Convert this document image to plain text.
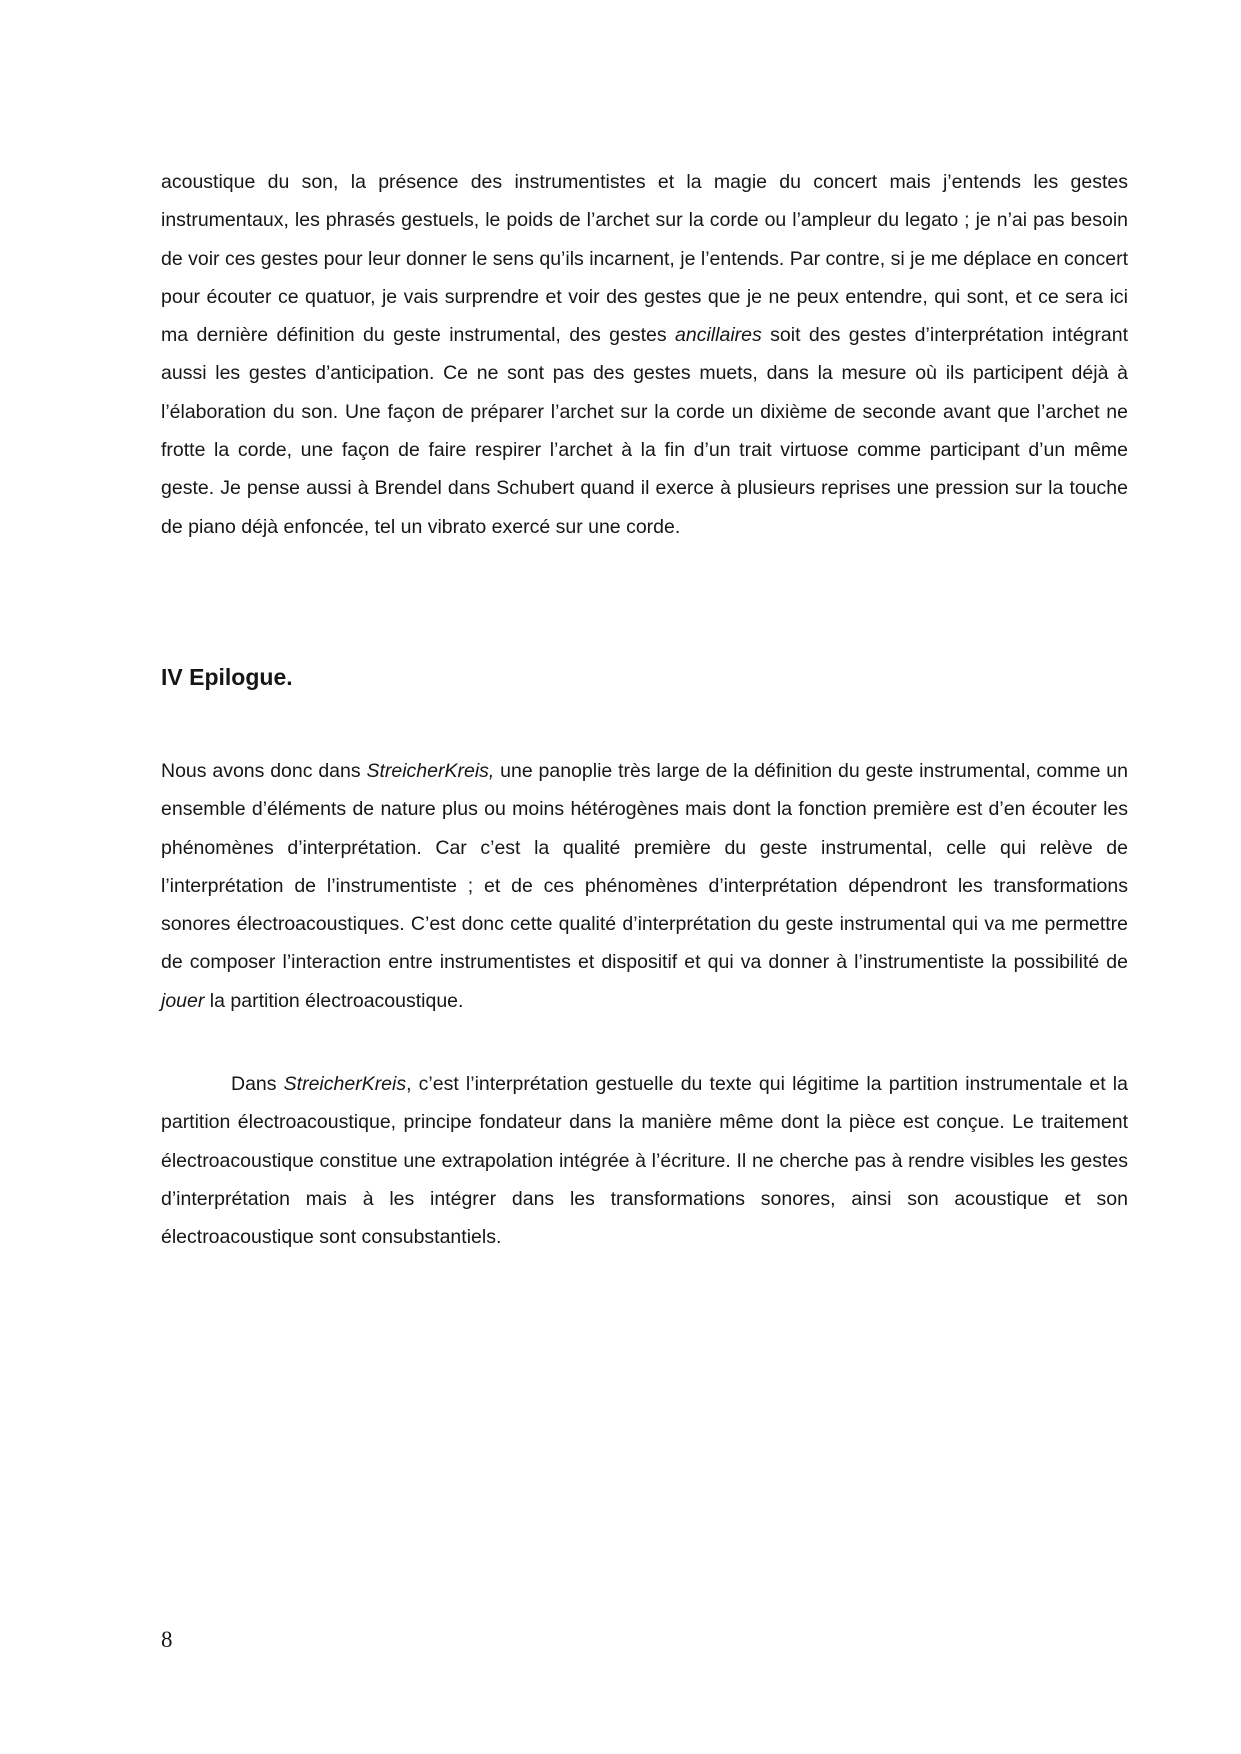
acoustique du son, la présence des instrumentistes et la magie du concert mais j’entends les gestes instrumentaux, les phrasés gestuels, le poids de l’archet sur la corde ou l’ampleur du legato ; je n’ai pas besoin de voir ces gestes pour leur donner le sens qu’ils incarnent, je l’entends. Par contre, si je me déplace en concert pour écouter ce quatuor, je vais surprendre et voir des gestes que je ne peux entendre, qui sont, et ce sera ici ma dernière définition du geste instrumental, des gestes ancillaires soit des gestes d’interprétation intégrant aussi les gestes d’anticipation. Ce ne sont pas des gestes muets, dans la mesure où ils participent déjà à l’élaboration du son. Une façon de préparer l’archet sur la corde un dixième de seconde avant que l’archet ne frotte la corde, une façon de faire respirer l’archet à la fin d’un trait virtuose comme participant d’un même geste. Je pense aussi à Brendel dans Schubert quand il exerce à plusieurs reprises une pression sur la touche de piano déjà enfoncée, tel un vibrato exercé sur une corde.

IV Epilogue.

Nous avons donc dans StreicherKreis, une panoplie très large de la définition du geste instrumental, comme un ensemble d’éléments de nature plus ou moins hétérogènes mais dont la fonction première est d’en écouter les phénomènes d’interprétation. Car c’est la qualité première du geste instrumental, celle qui relève de l’interprétation de l’instrumentiste ; et de ces phénomènes d’interprétation dépendront les transformations sonores électroacoustiques. C’est donc cette qualité d’interprétation du geste instrumental qui va me permettre de composer l’interaction entre instrumentistes et dispositif et qui va donner à l’instrumentiste la possibilité de jouer la partition électroacoustique.

Dans StreicherKreis, c’est l’interprétation gestuelle du texte qui légitime la partition instrumentale et la partition électroacoustique, principe fondateur dans la manière même dont la pièce est conçue. Le traitement électroacoustique constitue une extrapolation intégrée à l’écriture. Il ne cherche pas à rendre visibles les gestes d’interprétation mais à les intégrer dans les transformations sonores, ainsi son acoustique et son électroacoustique sont consubstantiels.

8
